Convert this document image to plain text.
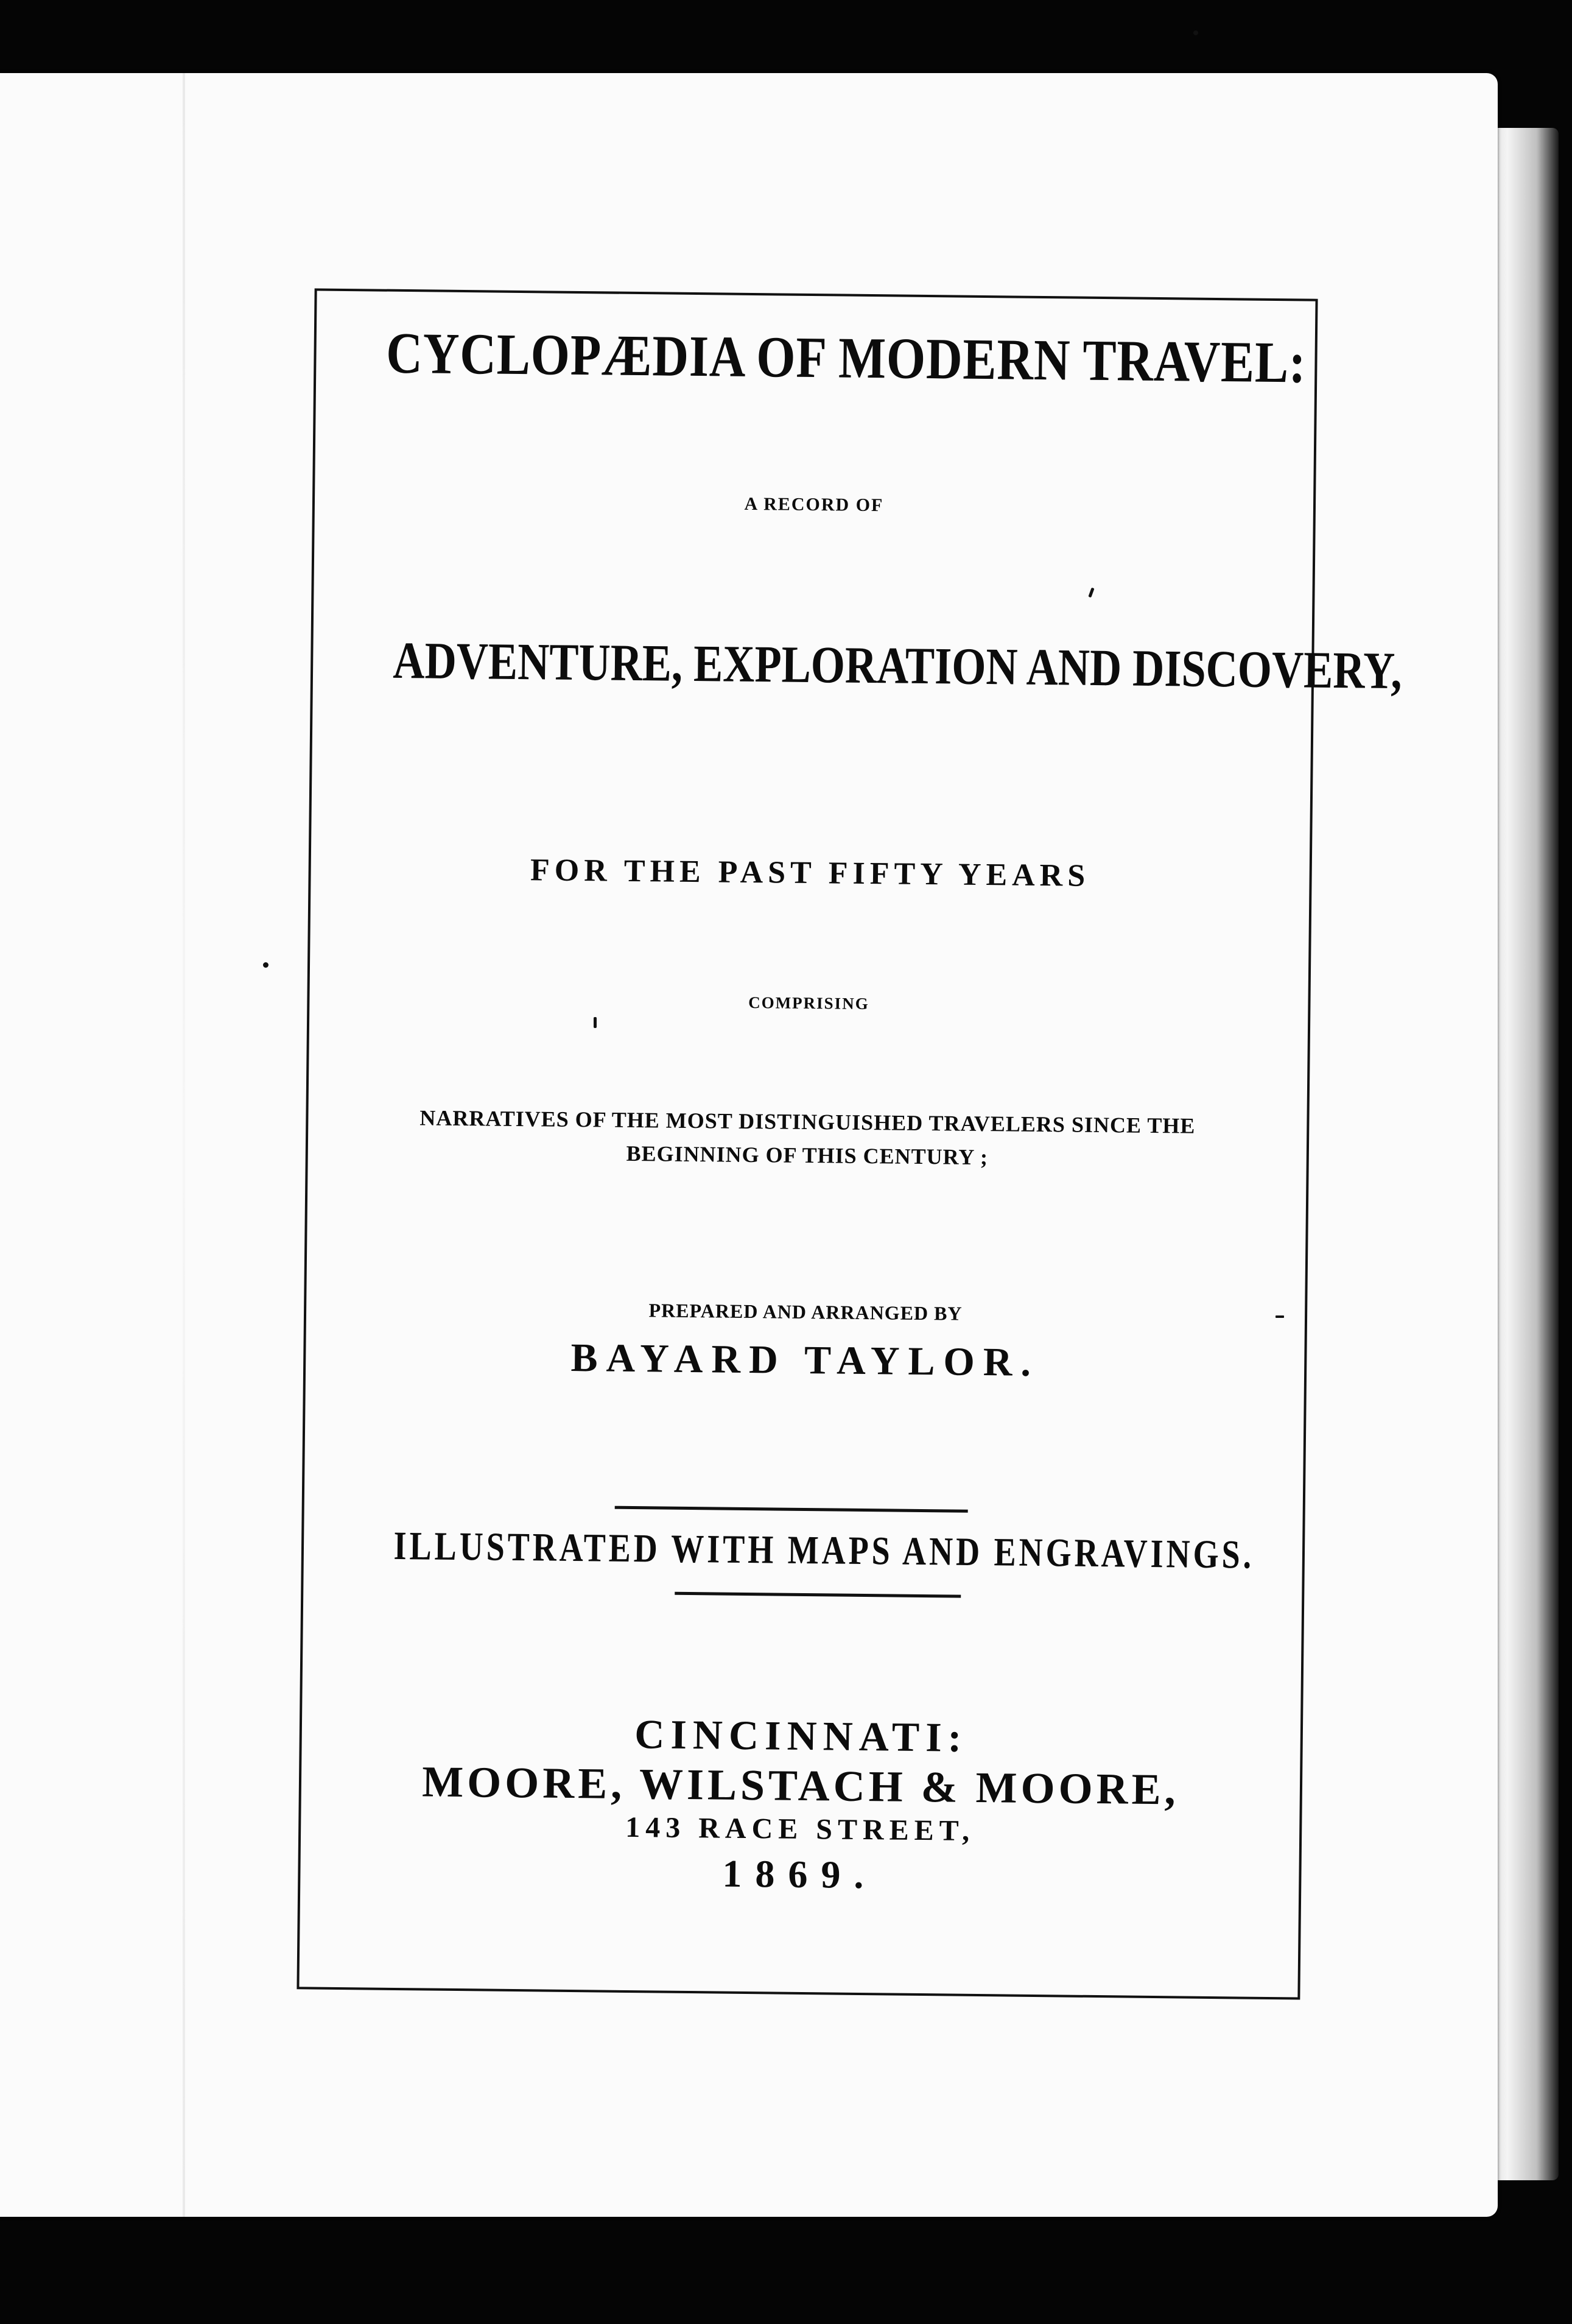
CYCLOPÆDIA OF MODERN TRAVEL:
A RECORD OF
ADVENTURE, EXPLORATION AND DISCOVERY,
FOR THE PAST FIFTY YEARS
COMPRISING
NARRATIVES OF THE MOST DISTINGUISHED TRAVELERS SINCE THE
BEGINNING OF THIS CENTURY ;
PREPARED AND ARRANGED BY
BAYARD TAYLOR.
ILLUSTRATED WITH MAPS AND ENGRAVINGS.
CINCINNATI:
MOORE, WILSTACH & MOORE,
143 RACE STREET,
1869.
